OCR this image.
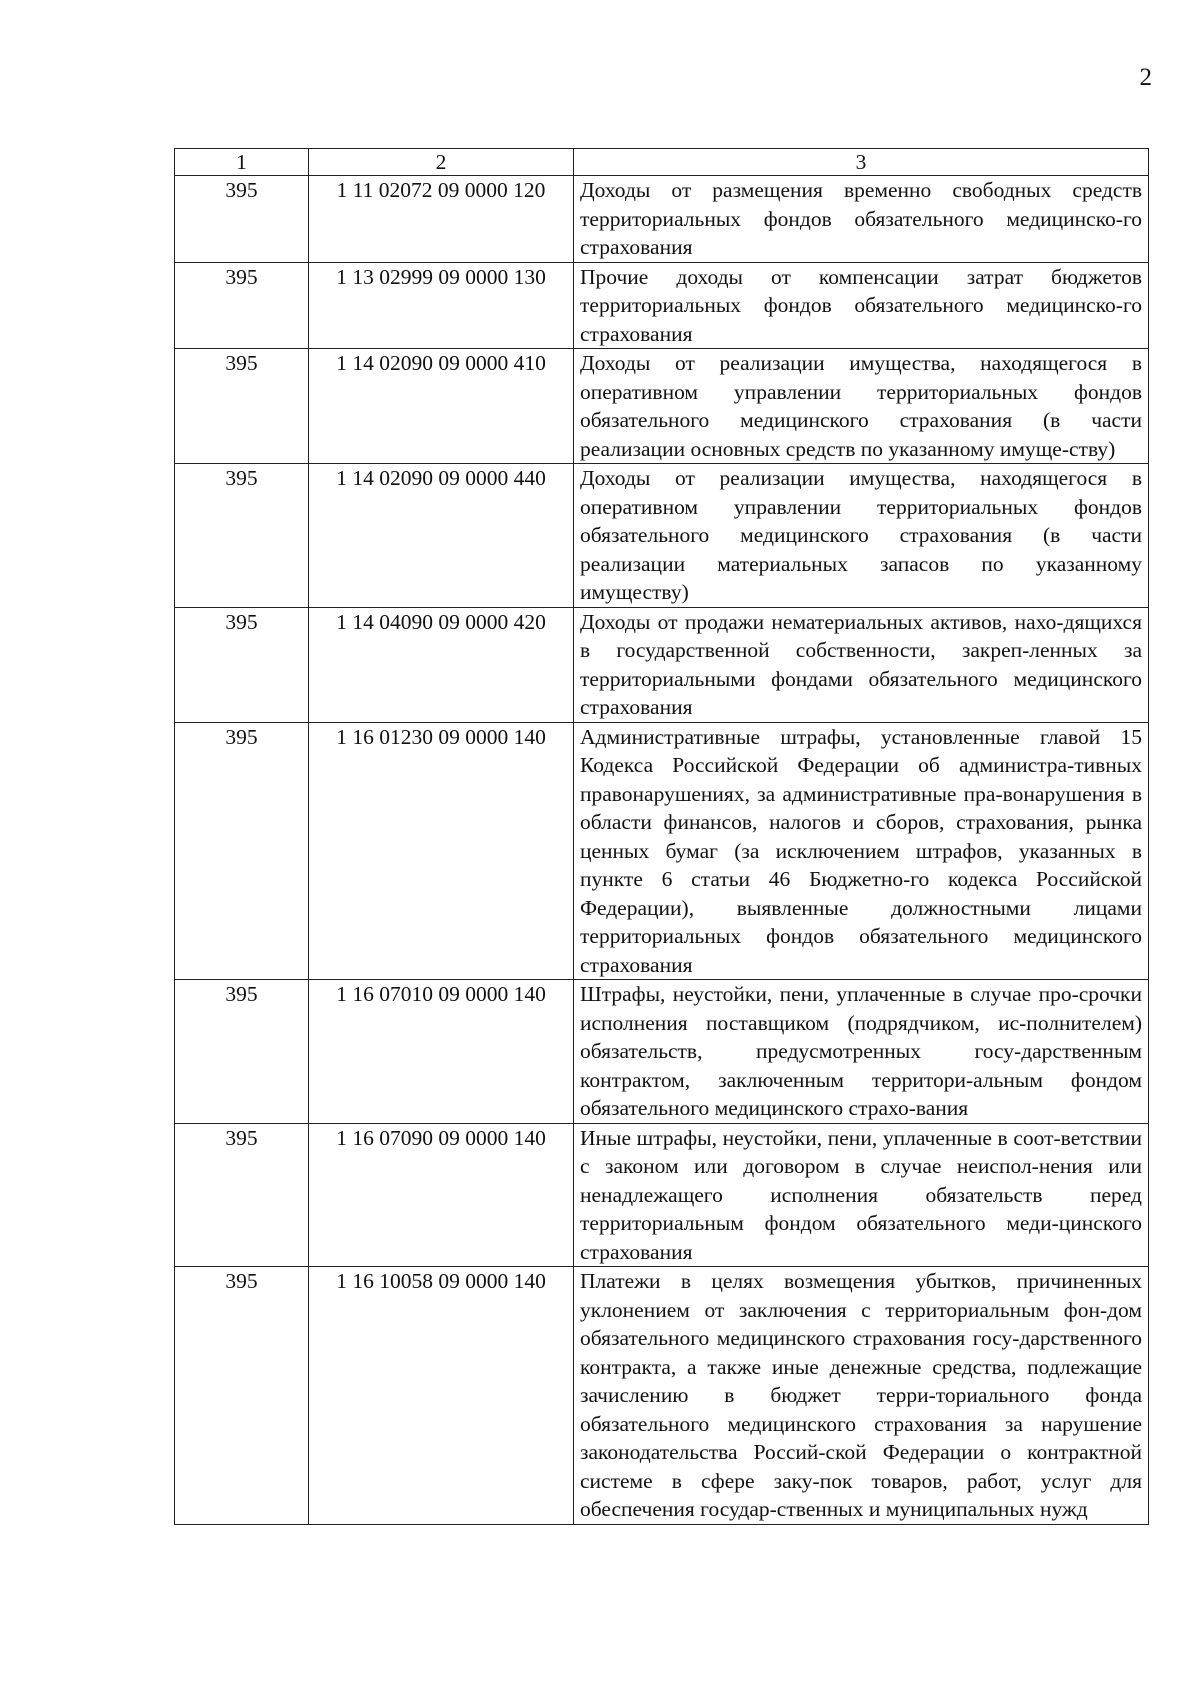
2
1	2	3
395	1 11 02072 09 0000 120	Доходы от размещения временно свободных средств территориальных фондов обязательного медицинско-го страхования
395	1 13 02999 09 0000 130	Прочие доходы от компенсации затрат бюджетов территориальных фондов обязательного медицинско-го страхования
395	1 14 02090 09 0000 410	Доходы от реализации имущества, находящегося в оперативном управлении территориальных фондов обязательного медицинского страхования (в части реализации основных средств по указанному имуще-ству)
395	1 14 02090 09 0000 440	Доходы от реализации имущества, находящегося в оперативном управлении территориальных фондов обязательного медицинского страхования (в части реализации материальных запасов по указанному имуществу)
395	1 14 04090 09 0000 420	Доходы от продажи нематериальных активов, нахо-дящихся в государственной собственности, закреп-ленных за территориальными фондами обязательного медицинского страхования
395	1 16 01230 09 0000 140	Административные штрафы, установленные главой 15 Кодекса Российской Федерации об администра-тивных правонарушениях, за административные пра-вонарушения в области финансов, налогов и сборов, страхования, рынка ценных бумаг (за исключением штрафов, указанных в пункте 6 статьи 46 Бюджетно-го кодекса Российской Федерации), выявленные должностными лицами территориальных фондов обязательного медицинского страхования
395	1 16 07010 09 0000 140	Штрафы, неустойки, пени, уплаченные в случае про-срочки исполнения поставщиком (подрядчиком, ис-полнителем) обязательств, предусмотренных госу-дарственным контрактом, заключенным территори-альным фондом обязательного медицинского страхо-вания
395	1 16 07090 09 0000 140	Иные штрафы, неустойки, пени, уплаченные в соот-ветствии с законом или договором в случае неиспол-нения или ненадлежащего исполнения обязательств перед территориальным фондом обязательного меди-цинского страхования
395	1 16 10058 09 0000 140	Платежи в целях возмещения убытков, причиненных уклонением от заключения с территориальным фон-дом обязательного медицинского страхования госу-дарственного контракта, а также иные денежные средства, подлежащие зачислению в бюджет терри-ториального фонда обязательного медицинского страхования за нарушение законодательства Россий-ской Федерации о контрактной системе в сфере заку-пок товаров, работ, услуг для обеспечения государ-ственных и муниципальных нужд
